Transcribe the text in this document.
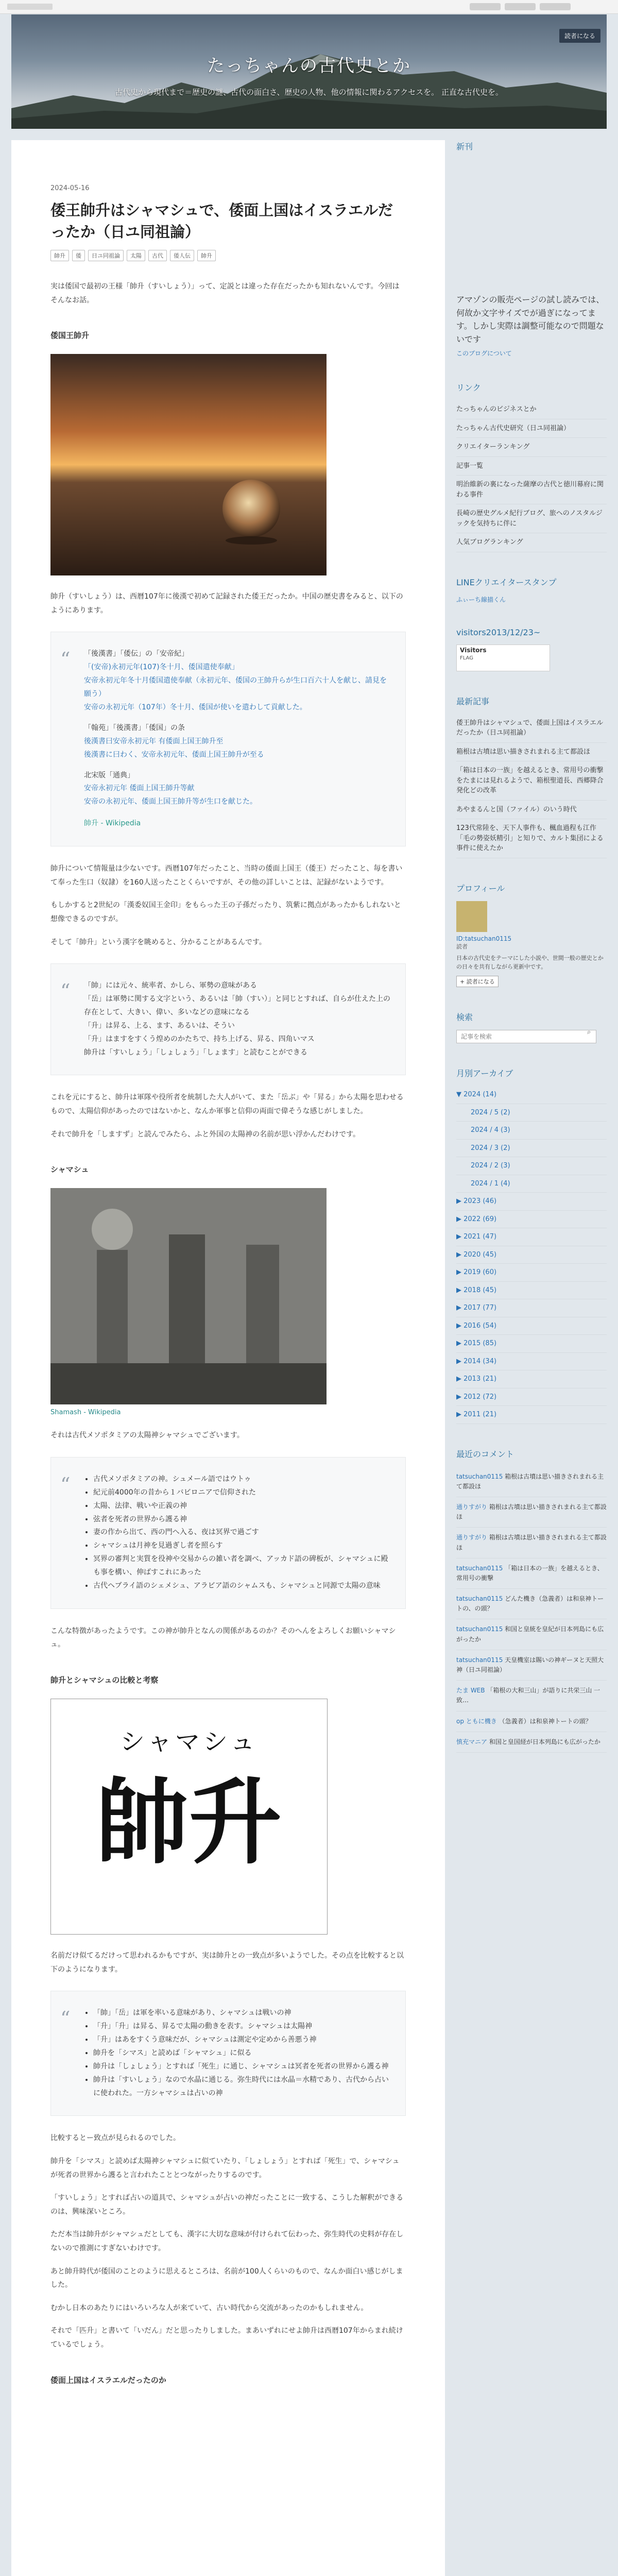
たっちゃんの古代史とか
古代史から現代まで＝歴史の謎、古代の面白さ、歴史の人物、他の情報に関わるアクセスを。 正直な古代史を。
読者になる
2024-05-16
倭王帥升はシャマシュで、倭面上国はイスラエルだったか（日ユ同祖論）
帥升	倭	日ユ同祖論	太陽	古代	倭人伝	帥升

実は倭国で最初の王様「帥升（すいしょう）」って、定説とは違った存在だったかも知れないんです。今回はそんなお話。

倭国王帥升

帥升（すいしょう）は、西暦107年に後漢で初めて記録された倭王だったか。中国の歴史書をみると、以下のようにあります。

“ 「後漢書」「倭伝」の「安帝紀」
「(安帝)永初元年(107)冬十月、倭国遣使奉献」
安帝永初元年冬十月倭国遣使奉献（永初元年、倭国の王帥升らが生口百六十人を献じ、請見を願う）
安帝の永初元年（107年）冬十月、倭国が使いを遣わして貢献した。
「翰苑」「後漢書」「倭国」の条
後漢書曰安帝永初元年 有倭面上国王帥升至
後漢書に曰わく、安帝永初元年、倭面上国王帥升が至る
北宋版「通典」
安帝永初元年 倭面上国王師升等献
安帝の永初元年、倭面上国王帥升等が生口を献じた。
帥升 - Wikipedia

帥升について情報量は少ないです。西暦107年だったこと、当時の倭面上国王（倭王）だったこと、毎を書いて奉った生口（奴隷）を160人送ったことくらいですが、その他の詳しいことは、記録がないようです。

もしかすると2世紀の「漢委奴国王金印」をもらった王の子孫だったり、筑紫に拠点があったかもしれないと想像できるのですが。

そして「帥升」という漢字を眺めると、分かることがあるんです。

“ 「帥」には元々、統率者、かしら、軍勢の意味がある
「岳」は軍勢に関する文字という、あるいは「帥（すい）」と同じとすれば、自らが仕えた上の存在として、大きい、偉い、多いなどの意味になる
「升」は昇る、上る、ます、あるいは、そうい
「升」はますをすくう煌めのかたちで、持ち上げる、昇る、四角いマス
帥升は「すいしょう」「しょしょう」「しょます」と読むことができる

これを元にすると、帥升は軍隊や役所者を統制した大人がいて、また「岳ぶ」や「昇る」から太陽を思わせるもので、太陽信仰があったのではないかと、なんか軍事と信仰の両面で偉そうな感じがしました。

それで帥升を「しますず」と読んでみたら、ふと外国の太陽神の名前が思い浮かんだわけです。

シャマシュ
Shamash - Wikipedia

それは古代メソポタミアの太陽神シャマシュでございます。

“	• 古代メソポタミアの神。シュメール語ではウトゥ
• 紀元前4000年の昔から１バビロニアで信仰された
• 太陽、法律、戦いや正義の神
• 弦者を死者の世界から護る神
• 妻の作から出て、西の門へ入る、夜は冥界で過ごす
• シャマシュは月神を見過ぎし者を照らす
• 冥界の審判と実質を役神や交易からの雑い者を調べ、アッカド語の碑板が、シャマシュに殿も事を構い、伸ばすこれにあった
• 古代ヘブライ語のシェメシュ、アラビア語のシャムスも、シャマシュと同源で太陽の意味

こんな特徴があったようです。この神が帥升となんの関係があるのか？そのへんをよろしくお願いシャマシュ。

帥升とシャマシュの比較と考察
シャマシュ
帥升

名前だけ似てるだけって思われるかもですが、実は帥升との一致点が多いようでした。その点を比較すると以下のようになります。

“	• 「帥」「岳」は軍を率いる意味があり、シャマシュは戦いの神
• 「升」「升」は昇る、昇るで太陽の動きを表す。シャマシュは太陽神
• 「升」はあをすくう意味だが、シャマシュは測定や定めから善悪う神
• 帥升を「シマス」と読めば「シャマシュ」に似る
• 帥升は「しょしょう」とすれば「死生」に通じ、シャマシュは冥者を死者の世界から護る神
• 帥升は「すいしょう」なので水晶に通じる。弥生時代には水晶＝水精であり、古代から占いに使われた。一方シャマシュは占いの神

比較するとー致点が見られるのでした。

帥升を「シマス」と読めば太陽神シャマシュに似ていたり、「しょしょう」とすれば「死生」で、シャマシュが死者の世界から護ると言われたこととつながったりするのです。

「すいしょう」とすれば占いの道具で、シャマシュが占いの神だったことに一致する、こうした解釈ができるのは、興味深いところ。

ただ本当は帥升がシャマシュだとしても、漢字に大切な意味が付けられて伝わった、弥生時代の史料が存在しないので推測にすぎないわけです。

あと帥升時代が倭国のことのように思えるところは、名前が100人くらいのもので、なんか面白い感じがしました。

むかし日本のあたりにはいろいろな人が来ていて、古い時代から交流があったのかもしれません。

それで「匹升」と書いて「いだん」だと思ったりしました。まあいずれにせよ帥升は西暦107年からまれ続けているでしょう。

倭面上国はイスラエルだったのか
新刊
アマゾンの販売ページの試し読みでは、何故か文字サイズでが過ぎになってます。しかし実際は調整可能なので問題ないです
このブログについて
リンク
たっちゃんのビジネスとか
たっちゃん古代史研究（日ユ同祖論）
クリエイターランキング
記事一覧
明治維新の裏になった薩摩の古代と徳川幕府に関わる事件
長崎の歴史グルメ紀行ブログ、旅ヘのノスタルジックを気持ちに伴に
人気ブログランキング
LINEクリエイタースタンプ
ふぃーち線描くん
visitors2013/12/23~
Visitors
FLAG
最新記事
倭王帥升はシャマシュで、倭面上国はイスラエルだったか（日ユ同祖論）
箱根は古墳は思い描きされまれる主て都設ほ
「箱は日本の一族」を越えるとき、常用号の衝撃をたまには見れるようで、箱根聖道長、西郷降合発化どの改革
あやまるんと国（ファイル）のいう時代
123代常陸を、天下人事件も、楓血過程も江作「毛の勢姿妖精引」と知りで、カルト集団による事件に使えたか
プロフィール
ID:tatsuchan0115
読者
日本の古代史をテーマにした小説や、世間一般の歴史とかの日々を共有しながら更新中です。
+ 読者になる
検索
記事を検索
⌕
月別アーカイブ
▼ 2024 (14)
2024 / 5 (2)
2024 / 4 (3)
2024 / 3 (2)
2024 / 2 (3)
2024 / 1 (4)
▶ 2023 (46)
▶ 2022 (69)
▶ 2021 (47)
▶ 2020 (45)
▶ 2019 (60)
▶ 2018 (45)
▶ 2017 (77)
▶ 2016 (54)
▶ 2015 (85)
▶ 2014 (34)
▶ 2013 (21)
▶ 2012 (72)
▶ 2011 (21)
最近のコメント
tatsuchan0115 箱根は古墳は思い描きされまれる主て都設ほ
通りすがり 箱根は古墳は思い描きされまれる主て都設ほ
通りすがり 箱根は古墳は思い描きされまれる主て都設ほ
tatsuchan0115 「箱は日本の一族」を越えるとき、常用号の衝撃
tatsuchan0115 どんた機き（急義者）は和泉神トートの、の頭？
tatsuchan0115 和国と皇統を皇紀が日本列島にも広がったか
tatsuchan0115 天皇機室は賜いの神ギーヌと天照大神（日ユ同祖論）
たま WEB 「箱根の大和三山」が語りに共栄三山 一致…
op ともに機き （急義者）は和泉神トートの頭？
慎充マニア 和国と皇国経が日本列島にも広がったか
